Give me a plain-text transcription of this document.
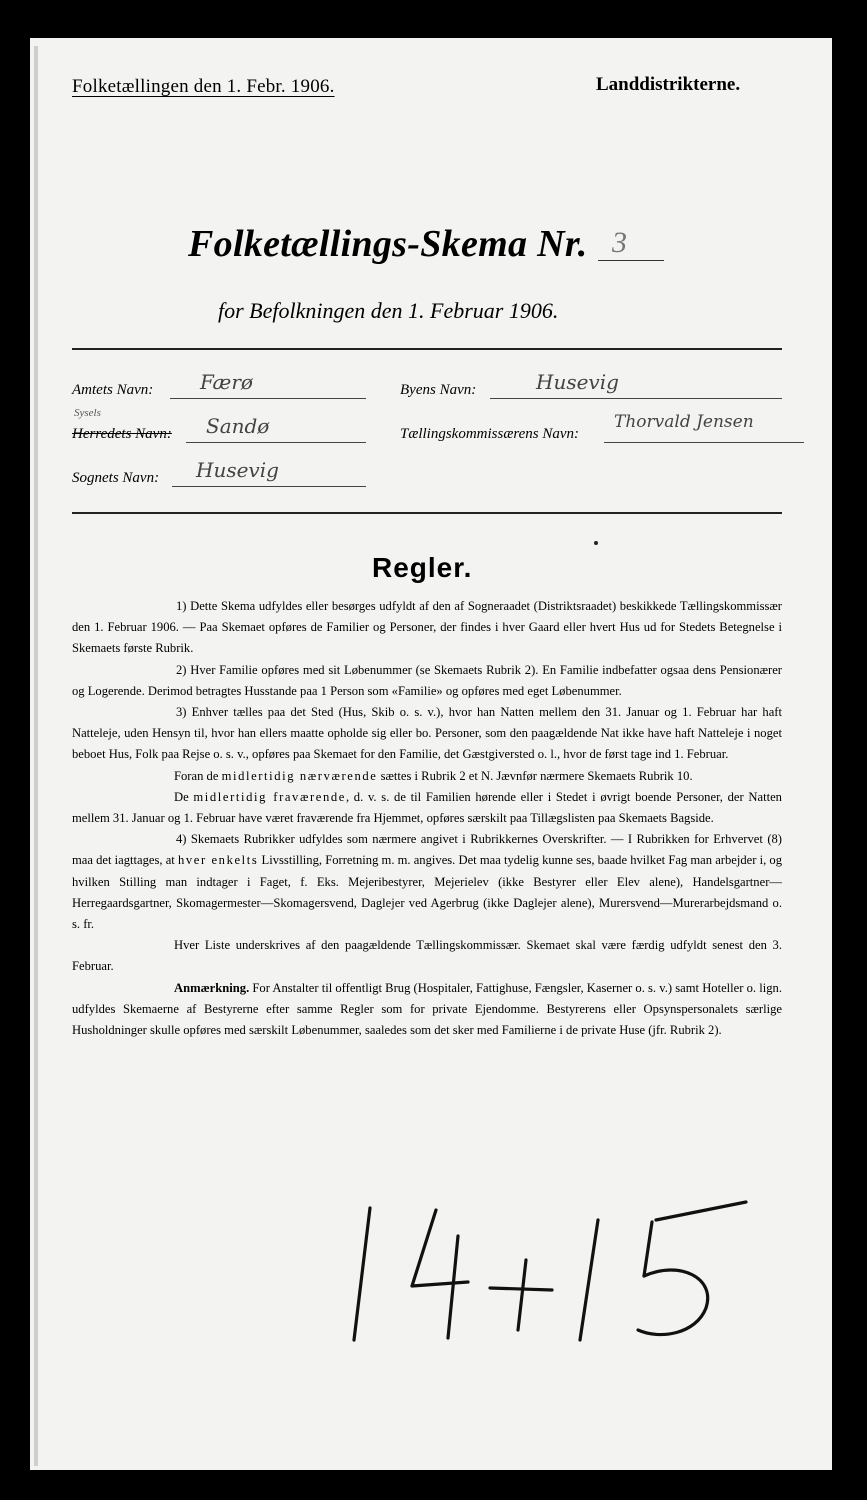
Folketællingen den 1. Febr. 1906.	Landdistrikterne.
Folketællings-Skema Nr. 3
for Befolkningen den 1. Februar 1906.
Amtets Navn: Færø
Sysels
Herredets Navn: Sandø
Sognets Navn: Husevig
Byens Navn:	Husevig
Tællingskommissærens Navn:
Thorvald Jensen
Regler.

1) Dette Skema udfyldes eller besørges udfyldt af den af Sogneraadet (Distriktsraadet) beskikkede Tællingskommissær den 1. Februar 1906. — Paa Skemaet opføres de Familier og Personer, der findes i hver Gaard eller hvert Hus ud for Stedets Betegnelse i Skemaets første Rubrik.

2) Hver Familie opføres med sit Løbenummer (se Skemaets Rubrik 2). En Familie indbefatter ogsaa dens Pensionærer og Logerende. Derimod betragtes Husstande paa 1 Person som «Familie» og opføres med eget Løbenummer.

3) Enhver tælles paa det Sted (Hus, Skib o. s. v.), hvor han Natten mellem den 31. Januar og 1. Februar har haft Natteleje, uden Hensyn til, hvor han ellers maatte opholde sig eller bo. Personer, som den paagældende Nat ikke have haft Natteleje i noget beboet Hus, Folk paa Rejse o. s. v., opføres paa Skemaet for den Familie, det Gæstgiversted o. l., hvor de først tage ind 1. Februar.

Foran de midlertidig nærværende sættes i Rubrik 2 et N. Jævnfør nærmere Skemaets Rubrik 10.

De midlertidig fraværende, d. v. s. de til Familien hørende eller i Stedet i øvrigt boende Personer, der Natten mellem 31. Januar og 1. Februar have været fraværende fra Hjemmet, opføres særskilt paa Tillægslisten paa Skemaets Bagside.

4) Skemaets Rubrikker udfyldes som nærmere angivet i Rubrikkernes Overskrifter. — I Rubrikken for Erhvervet (8) maa det iagttages, at hver enkelts Livsstilling, Forretning m. m. angives. Det maa tydelig kunne ses, baade hvilket Fag man arbejder i, og hvilken Stilling man indtager i Faget, f. Eks. Mejeribestyrer, Mejerielev (ikke Bestyrer eller Elev alene), Handelsgartner—Herregaardsgartner, Skomagermester—Skomagersvend, Daglejer ved Agerbrug (ikke Daglejer alene), Murersvend—Murerarbejdsmand o. s. fr.

Hver Liste underskrives af den paagældende Tællingskommissær. Skemaet skal være færdig udfyldt senest den 3. Februar.

Anmærkning. For Anstalter til offentligt Brug (Hospitaler, Fattighuse, Fængsler, Kaserner o. s. v.) samt Hoteller o. lign. udfyldes Skemaerne af Bestyrerne efter samme Regler som for private Ejendomme. Bestyrerens eller Opsynspersonalets særlige Husholdninger skulle opføres med særskilt Løbenummer, saaledes som det sker med Familierne i de private Huse (jfr. Rubrik 2).
